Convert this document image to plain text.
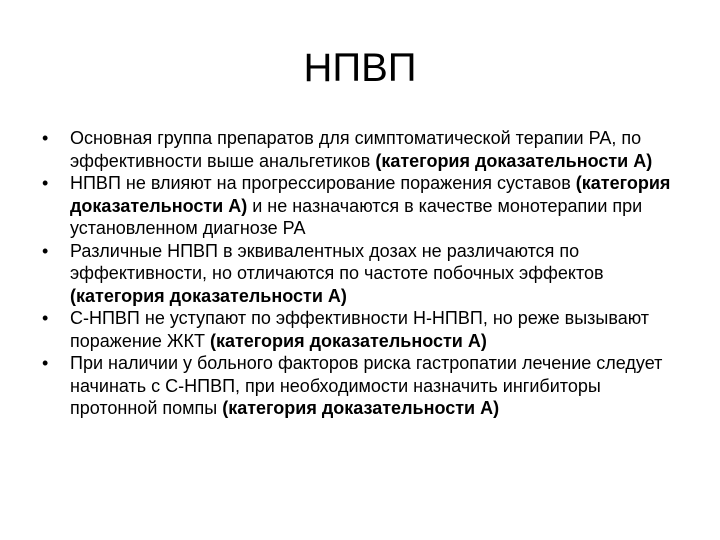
НПВП
•	Основная группа препаратов для симптоматической терапии РА, по эффективности выше анальгетиков (категория доказательности А)
•	НПВП не влияют на прогрессирование поражения суставов (категория доказательности А) и не назначаются в качестве монотерапии при установленном диагнозе РА
•	Различные НПВП в эквивалентных дозах не различаются по эффективности, но отличаются по частоте побочных эффектов (категория доказательности А)
•	С-НПВП не уступают по эффективности Н-НПВП, но реже вызывают поражение ЖКТ (категория доказательности А)
•	При наличии у больного факторов риска гастропатии лечение следует начинать с С-НПВП, при необходимости назначить ингибиторы протонной помпы (категория доказательности А)
